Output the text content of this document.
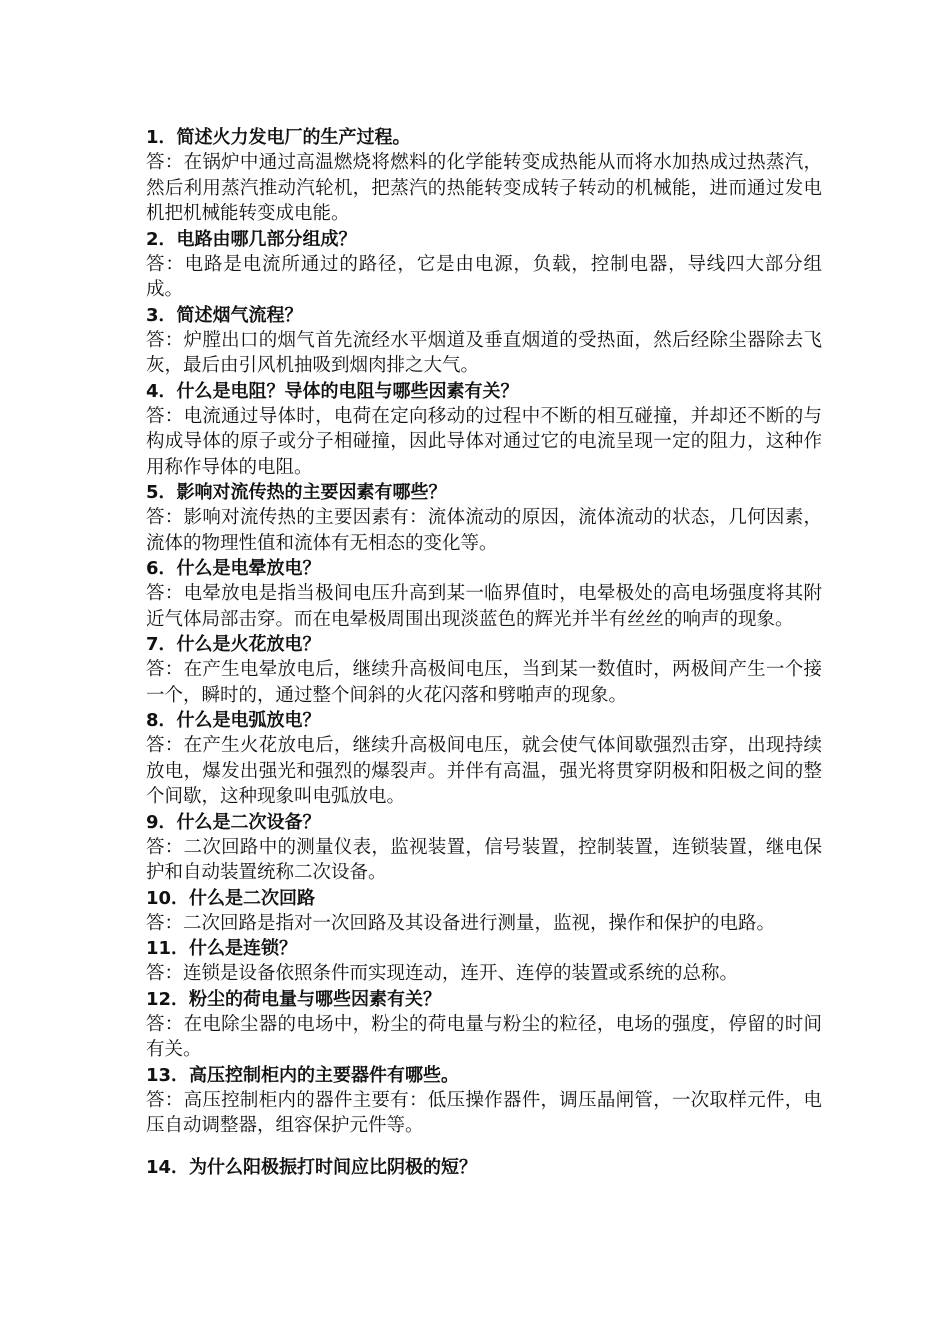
1．简述火力发电厂的生产过程。

答：在锅炉中通过高温燃烧将燃料的化学能转变成热能从而将水加热成过热蒸汽，然后利用蒸汽推动汽轮机，把蒸汽的热能转变成转子转动的机械能，进而通过发电机把机械能转变成电能。

2．电路由哪几部分组成？

答：电路是电流所通过的路径，它是由电源，负载，控制电器，导线四大部分组成。

3．简述烟气流程？

答：炉膛出口的烟气首先流经水平烟道及垂直烟道的受热面，然后经除尘器除去飞灰，最后由引风机抽吸到烟肉排之大气。

4．什么是电阻？导体的电阻与哪些因素有关？

答：电流通过导体时，电荷在定向移动的过程中不断的相互碰撞，并却还不断的与构成导体的原子或分子相碰撞，因此导体对通过它的电流呈现一定的阻力，这种作用称作导体的电阻。

5．影响对流传热的主要因素有哪些？

答：影响对流传热的主要因素有：流体流动的原因，流体流动的状态，几何因素，流体的物理性值和流体有无相态的变化等。

6．什么是电晕放电？

答：电晕放电是指当极间电压升高到某一临界值时，电晕极处的高电场强度将其附近气体局部击穿。而在电晕极周围出现淡蓝色的辉光并半有丝丝的响声的现象。

7．什么是火花放电？

答：在产生电晕放电后，继续升高极间电压，当到某一数值时，两极间产生一个接一个，瞬时的，通过整个间斜的火花闪落和劈啪声的现象。

8．什么是电弧放电？

答：在产生火花放电后，继续升高极间电压，就会使气体间歇强烈击穿，出现持续放电，爆发出强光和强烈的爆裂声。并伴有高温，强光将贯穿阴极和阳极之间的整个间歇，这种现象叫电弧放电。

9．什么是二次设备？

答：二次回路中的测量仪表，监视装置，信号装置，控制装置，连锁装置，继电保护和自动装置统称二次设备。

10．什么是二次回路

答：二次回路是指对一次回路及其设备进行测量，监视，操作和保护的电路。

11．什么是连锁？

答：连锁是设备依照条件而实现连动，连开、连停的装置或系统的总称。

12．粉尘的荷电量与哪些因素有关？

答：在电除尘器的电场中，粉尘的荷电量与粉尘的粒径，电场的强度，停留的时间有关。

13．高压控制柜内的主要器件有哪些。

答：高压控制柜内的器件主要有：低压操作器件，调压晶闸管，一次取样元件，电压自动调整器，组容保护元件等。

14．为什么阳极振打时间应比阴极的短？
